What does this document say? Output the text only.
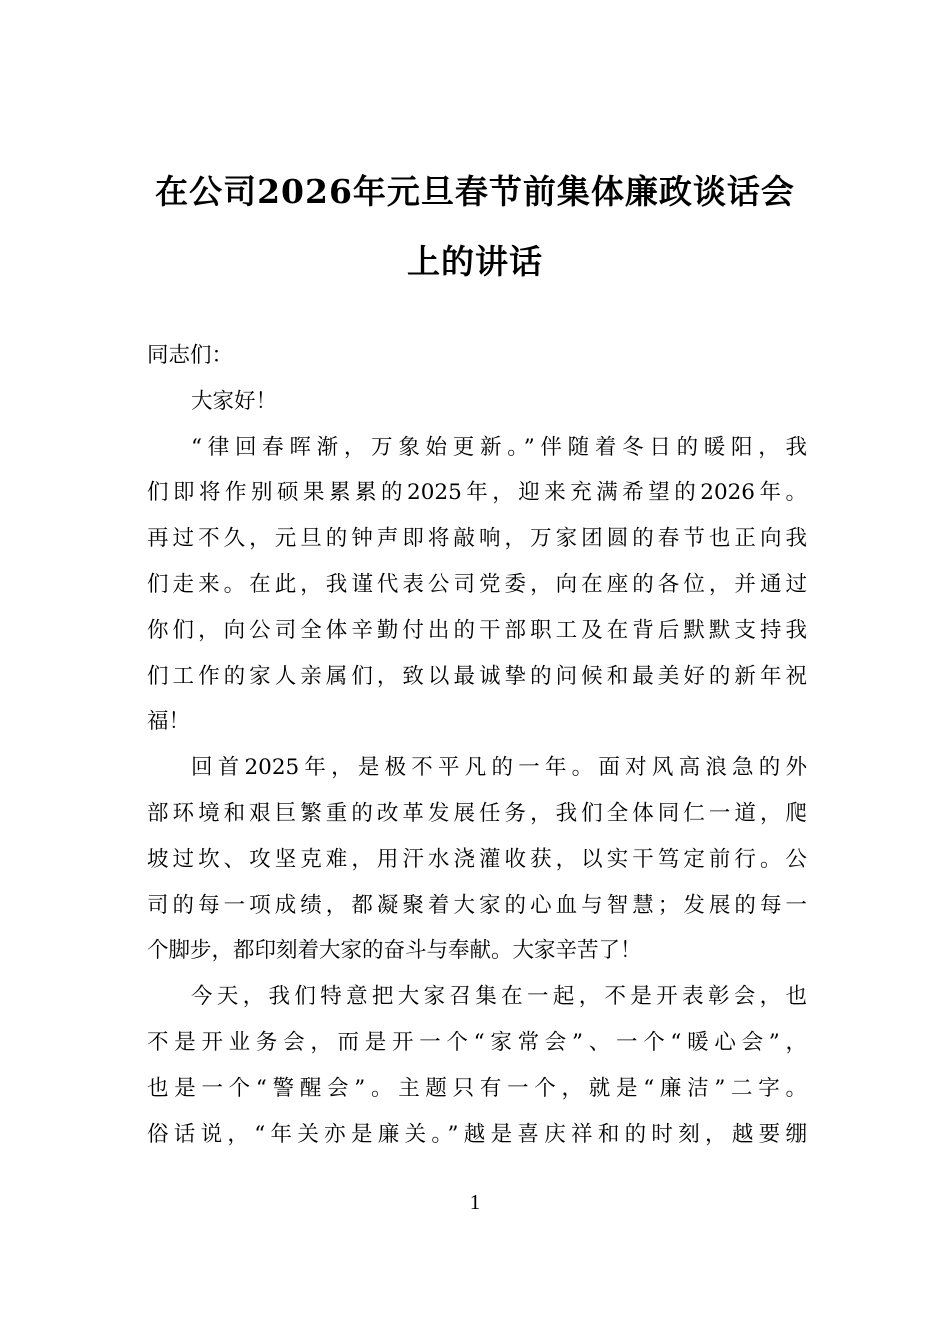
在公司2026年元旦春节前集体廉政谈话会
上的讲话
同志们：
大家好！
“律回春晖渐，万象始更新。”伴随着冬日的暖阳，我
们即将作别硕果累累的2025年，迎来充满希望的2026年。
再过不久，元旦的钟声即将敲响，万家团圆的春节也正向我
们走来。在此，我谨代表公司党委，向在座的各位，并通过
你们，向公司全体辛勤付出的干部职工及在背后默默支持我
们工作的家人亲属们，致以最诚挚的问候和最美好的新年祝
福！
回首2025年，是极不平凡的一年。面对风高浪急的外
部环境和艰巨繁重的改革发展任务，我们全体同仁一道，爬
坡过坎、攻坚克难，用汗水浇灌收获，以实干笃定前行。公
司的每一项成绩，都凝聚着大家的心血与智慧；发展的每一
个脚步，都印刻着大家的奋斗与奉献。大家辛苦了！
今天，我们特意把大家召集在一起，不是开表彰会，也
不是开业务会，而是开一个“家常会”、一个“暖心会”，
也是一个“警醒会”。主题只有一个，就是“廉洁”二字。
俗话说，“年关亦是廉关。”越是喜庆祥和的时刻，越要绷
1
